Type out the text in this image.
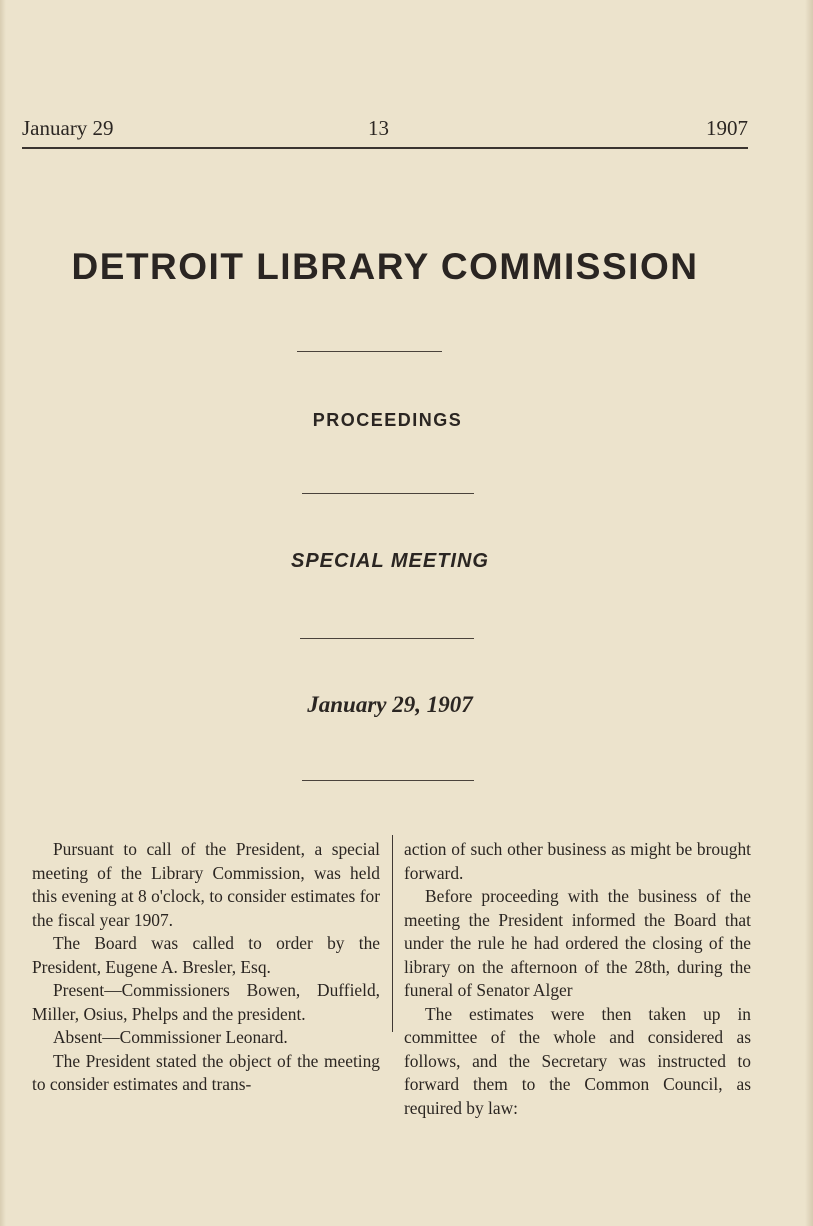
January 29	13	1907
DETROIT LIBRARY COMMISSION
PROCEEDINGS
SPECIAL MEETING
January 29, 1907

Pursuant to call of the President, a special meeting of the Library Commission, was held this evening at 8 o'clock, to consider estimates for the fiscal year 1907.

The Board was called to order by the President, Eugene A. Bresler, Esq.

Present—Commissioners Bowen, Duffield, Miller, Osius, Phelps and the president.

Absent—Commissioner Leonard.

The President stated the object of the meeting to consider estimates and trans-

action of such other business as might be brought forward.

Before proceeding with the business of the meeting the President informed the Board that under the rule he had ordered the closing of the library on the afternoon of the 28th, during the funeral of Senator Alger

The estimates were then taken up in committee of the whole and considered as follows, and the Secretary was instructed to forward them to the Common Council, as required by law:
